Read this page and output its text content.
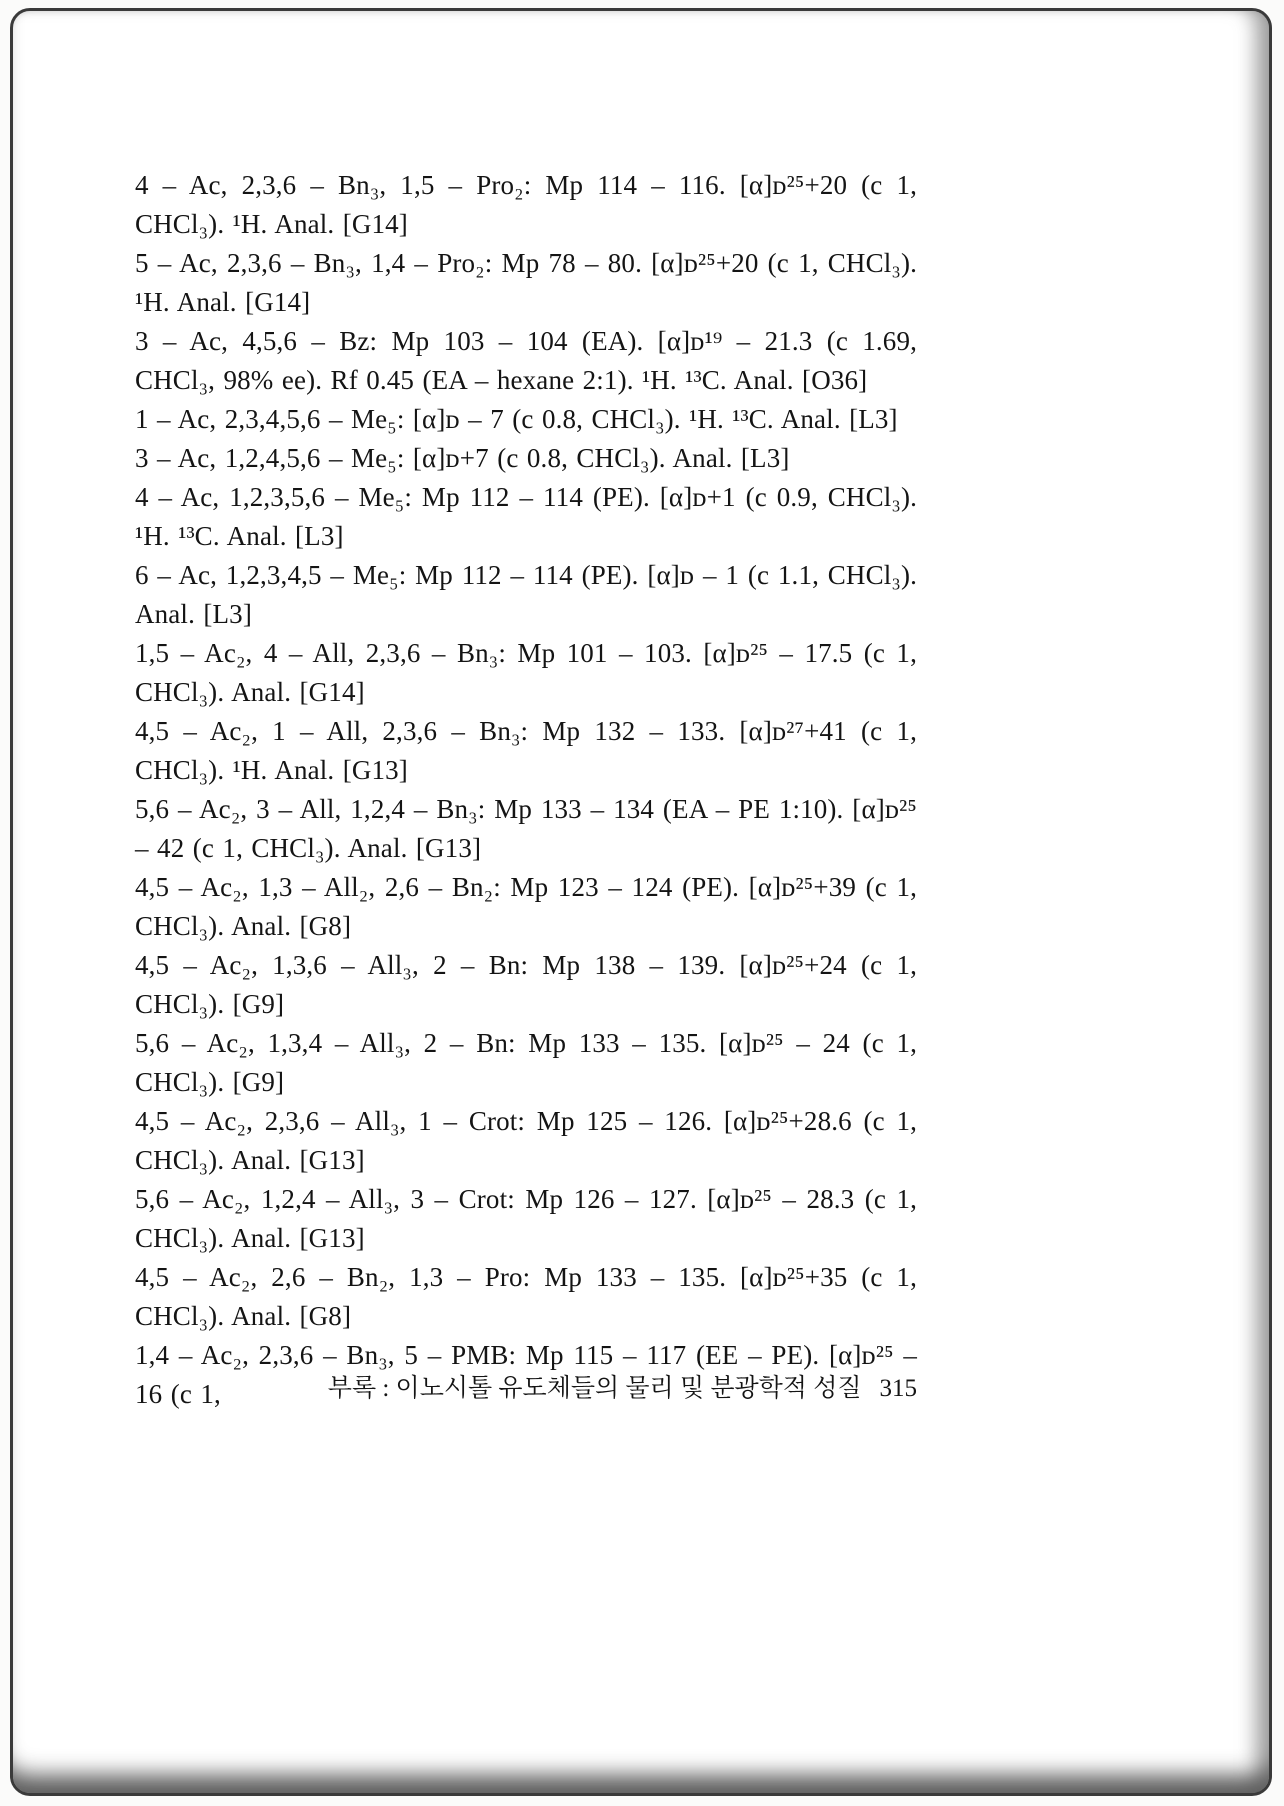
4 – Ac, 2,3,6 – Bn₃, 1,5 – Pro₂: Mp 114 – 116. [α]ᴅ²⁵+20 (c 1, CHCl₃). ¹H. Anal. [G14]

5 – Ac, 2,3,6 – Bn₃, 1,4 – Pro₂: Mp 78 – 80. [α]ᴅ²⁵+20 (c 1, CHCl₃). ¹H. Anal. [G14]

3 – Ac, 4,5,6 – Bz: Mp 103 – 104 (EA). [α]ᴅ¹⁹ – 21.3 (c 1.69, CHCl₃, 98% ee). Rf 0.45 (EA – hexane 2:1). ¹H. ¹³C. Anal. [O36]

1 – Ac, 2,3,4,5,6 – Me₅: [α]ᴅ – 7 (c 0.8, CHCl₃). ¹H. ¹³C. Anal. [L3]

3 – Ac, 1,2,4,5,6 – Me₅: [α]ᴅ+7 (c 0.8, CHCl₃). Anal. [L3]

4 – Ac, 1,2,3,5,6 – Me₅: Mp 112 – 114 (PE). [α]ᴅ+1 (c 0.9, CHCl₃). ¹H. ¹³C. Anal. [L3]

6 – Ac, 1,2,3,4,5 – Me₅: Mp 112 – 114 (PE). [α]ᴅ – 1 (c 1.1, CHCl₃). Anal. [L3]

1,5 – Ac₂, 4 – All, 2,3,6 – Bn₃: Mp 101 – 103. [α]ᴅ²⁵ – 17.5 (c 1, CHCl₃). Anal. [G14]

4,5 – Ac₂, 1 – All, 2,3,6 – Bn₃: Mp 132 – 133. [α]ᴅ²⁷+41 (c 1, CHCl₃). ¹H. Anal. [G13]

5,6 – Ac₂, 3 – All, 1,2,4 – Bn₃: Mp 133 – 134 (EA – PE 1:10). [α]ᴅ²⁵ – 42 (c 1, CHCl₃). Anal. [G13]

4,5 – Ac₂, 1,3 – All₂, 2,6 – Bn₂: Mp 123 – 124 (PE). [α]ᴅ²⁵+39 (c 1, CHCl₃). Anal. [G8]

4,5 – Ac₂, 1,3,6 – All₃, 2 – Bn: Mp 138 – 139. [α]ᴅ²⁵+24 (c 1, CHCl₃). [G9]

5,6 – Ac₂, 1,3,4 – All₃, 2 – Bn: Mp 133 – 135. [α]ᴅ²⁵ – 24 (c 1, CHCl₃). [G9]

4,5 – Ac₂, 2,3,6 – All₃, 1 – Crot: Mp 125 – 126. [α]ᴅ²⁵+28.6 (c 1, CHCl₃). Anal. [G13]

5,6 – Ac₂, 1,2,4 – All₃, 3 – Crot: Mp 126 – 127. [α]ᴅ²⁵ – 28.3 (c 1, CHCl₃). Anal. [G13]

4,5 – Ac₂, 2,6 – Bn₂, 1,3 – Pro: Mp 133 – 135. [α]ᴅ²⁵+35 (c 1, CHCl₃). Anal. [G8]

1,4 – Ac₂, 2,3,6 – Bn₃, 5 – PMB: Mp 115 – 117 (EE – PE). [α]ᴅ²⁵ – 16 (c 1,	부록 : 이노시톨 유도체들의 물리 및 분광학적 성질 315
